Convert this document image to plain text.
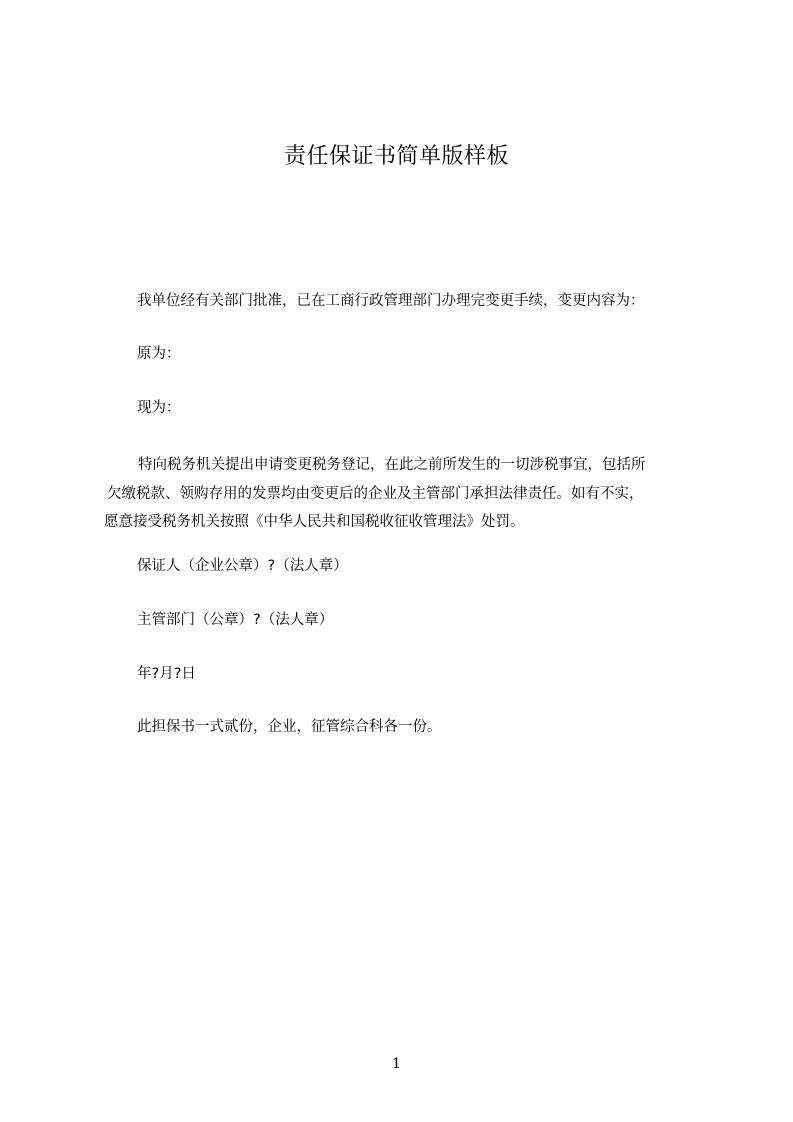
责任保证书简单版样板
我单位经有关部门批准，已在工商行政管理部门办理完变更手续，变更内容为：
原为：
现为：
特向税务机关提出申请变更税务登记，在此之前所发生的一切涉税事宜，包括所
欠缴税款、领购存用的发票均由变更后的企业及主管部门承担法律责任。如有不实，
愿意接受税务机关按照《中华人民共和国税收征收管理法》处罚。
保证人（企业公章）?（法人章）
主管部门（公章）?（法人章）
年?月?日
此担保书一式贰份，企业，征管综合科各一份。
1
